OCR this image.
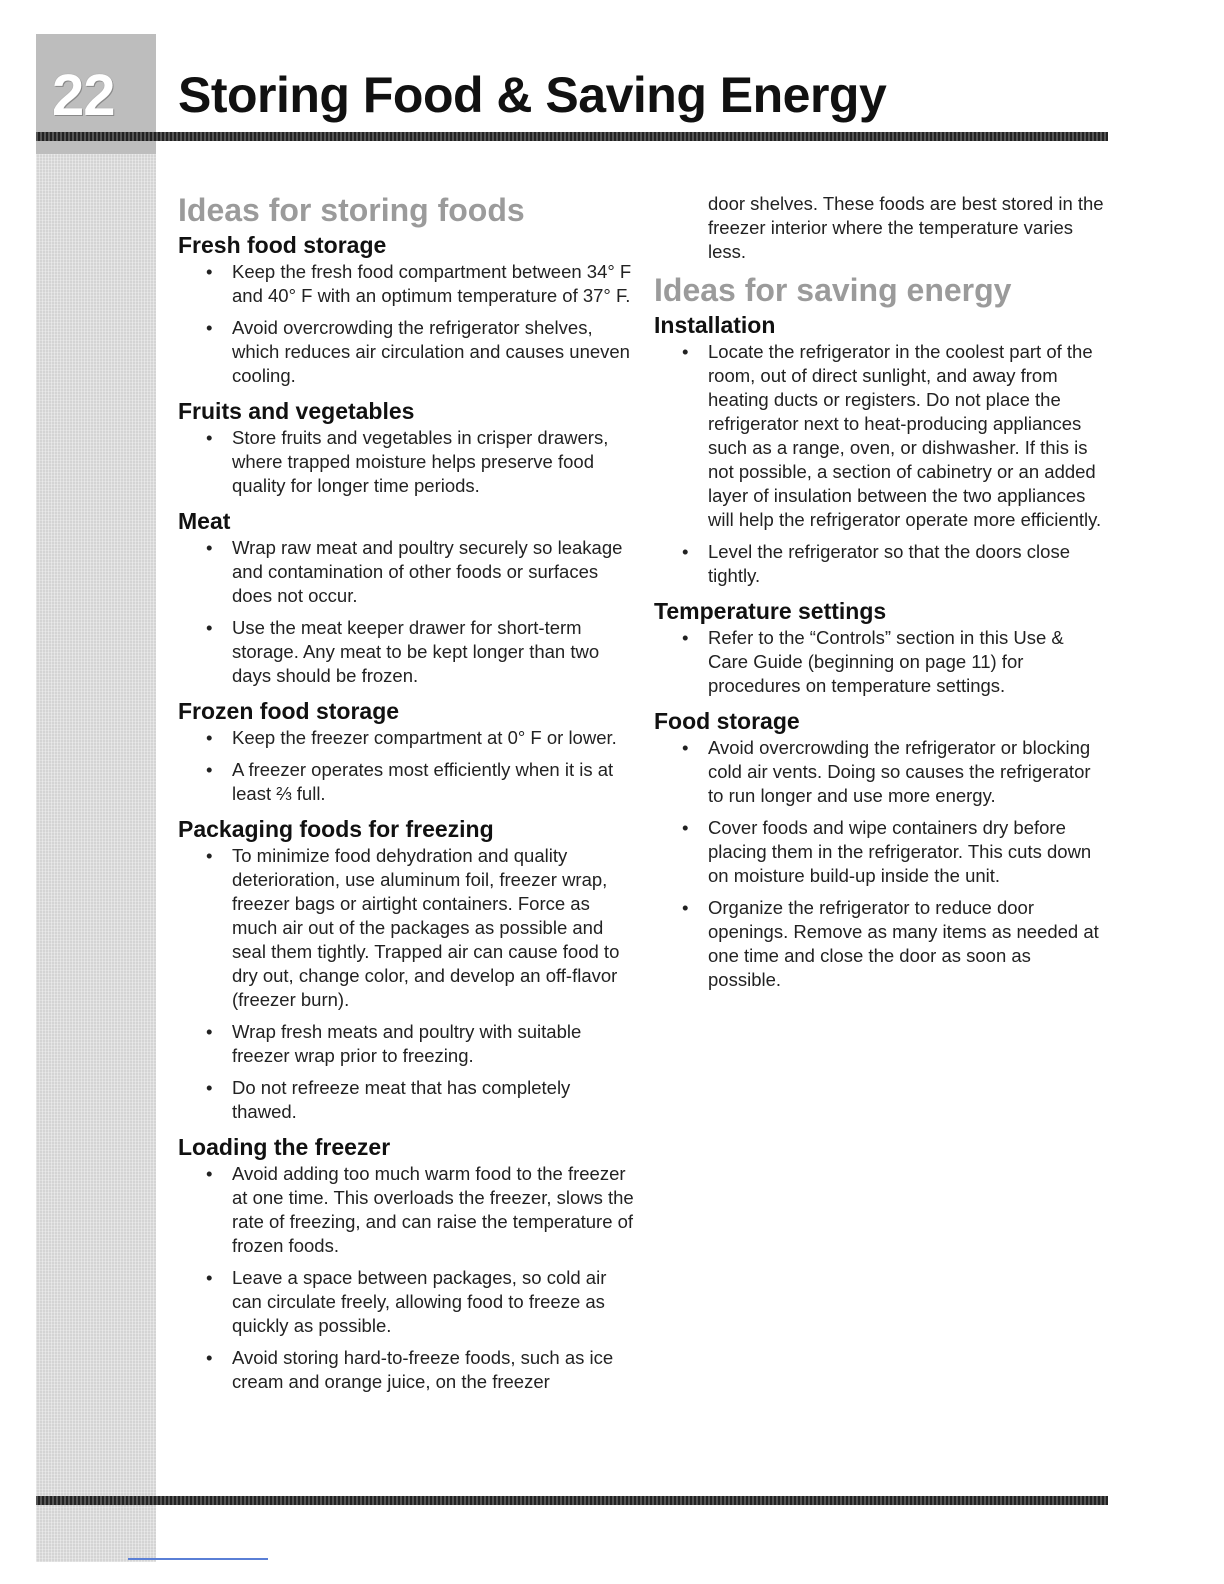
22 Storing Food & Saving Energy
Ideas for storing foods
Fresh food storage
• Keep the fresh food compartment between 34° F and 40° F with an optimum temperature of 37° F.
• Avoid overcrowding the refrigerator shelves, which reduces air circulation and causes uneven cooling.
Fruits and vegetables
• Store fruits and vegetables in crisper drawers, where trapped moisture helps preserve food quality for longer time periods.
Meat
• Wrap raw meat and poultry securely so leakage and contamination of other foods or surfaces does not occur.
• Use the meat keeper drawer for short-term storage. Any meat to be kept longer than two days should be frozen.
Frozen food storage
• Keep the freezer compartment at 0° F or lower.
• A freezer operates most efficiently when it is at least ⅔ full.
Packaging foods for freezing
• To minimize food dehydration and quality deterioration, use aluminum foil, freezer wrap, freezer bags or airtight containers. Force as much air out of the packages as possible and seal them tightly. Trapped air can cause food to dry out, change color, and develop an off-flavor (freezer burn).
• Wrap fresh meats and poultry with suitable freezer wrap prior to freezing.
• Do not refreeze meat that has completely thawed.
Loading the freezer
• Avoid adding too much warm food to the freezer at one time. This overloads the freezer, slows the rate of freezing, and can raise the temperature of frozen foods.
• Leave a space between packages, so cold air can circulate freely, allowing food to freeze as quickly as possible.
• Avoid storing hard-to-freeze foods, such as ice cream and orange juice, on the freezer

door shelves. These foods are best stored in the freezer interior where the temperature varies less.

Ideas for saving energy
Installation
• Locate the refrigerator in the coolest part of the room, out of direct sunlight, and away from heating ducts or registers. Do not place the refrigerator next to heat-producing appliances such as a range, oven, or dishwasher. If this is not possible, a section of cabinetry or an added layer of insulation between the two appliances will help the refrigerator operate more efficiently.
• Level the refrigerator so that the doors close tightly.
Temperature settings
• Refer to the “Controls” section in this Use & Care Guide (beginning on page 11) for procedures on temperature settings.
Food storage
• Avoid overcrowding the refrigerator or blocking cold air vents. Doing so causes the refrigerator to run longer and use more energy.
• Cover foods and wipe containers dry before placing them in the refrigerator. This cuts down on moisture build-up inside the unit.
• Organize the refrigerator to reduce door openings. Remove as many items as needed at one time and close the door as soon as possible.
